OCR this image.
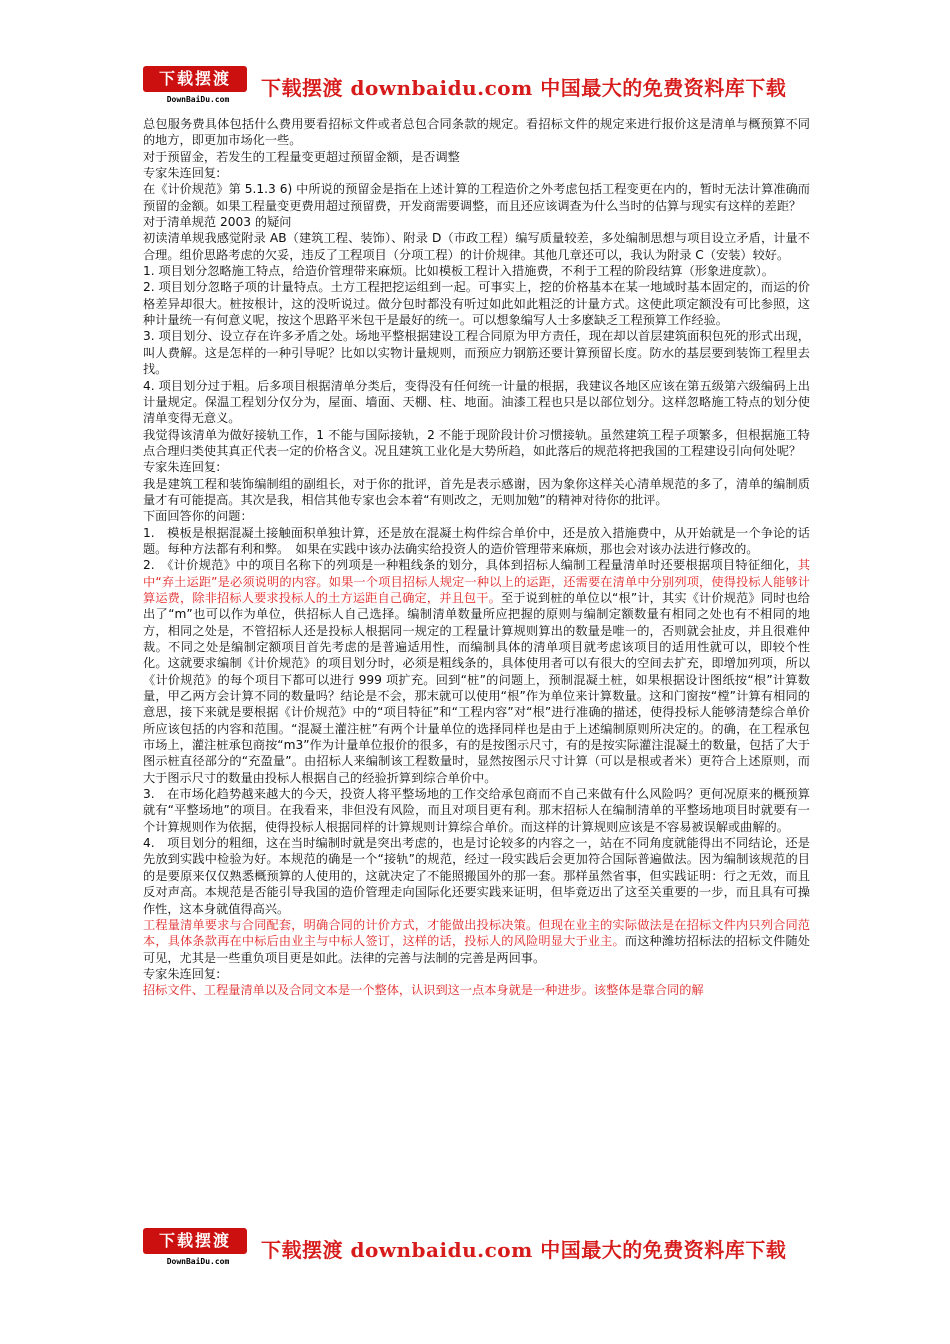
下载摆渡
DownBaiDu.com	下载摆渡 downbaidu.com 中国最大的免费资料库下载

总包服务费具体包括什么费用要看招标文件或者总包合同条款的规定。看招标文件的规定来进行报价这是清单与概预算不同的地方，即更加市场化一些。

对于预留金，若发生的工程量变更超过预留金额，是否调整

专家朱连回复:

在《计价规范》第 5.1.3 6) 中所说的预留金是指在上述计算的工程造价之外考虑包括工程变更在内的，暂时无法计算准确而预留的金额。如果工程量变更费用超过预留费，开发商需要调整，而且还应该调查为什么当时的估算与现实有这样的差距？

对于清单规范 2003 的疑问

初读清单规我感觉附录 AB（建筑工程、装饰）、附录 D（市政工程）编写质量较差，多处编制思想与项目设立矛盾，计量不合理。组价思路考虑的欠妥，违反了工程项目（分项工程）的计价规律。其他几章还可以，我认为附录 C（安装）较好。

1. 项目划分忽略施工特点，给造价管理带来麻烦。比如模板工程计入措施费，不利于工程的阶段结算（形象进度款）。

2. 项目划分忽略子项的计量特点。土方工程把挖运组到一起。可事实上，挖的价格基本在某一地域时基本固定的，而运的价格差异却很大。桩按根计，这的没听说过。做分包时都没有听过如此如此粗泛的计量方式。这使此项定额没有可比参照，这种计量统一有何意义呢，按这个思路平米包干是最好的统一。可以想象编写人士多麽缺乏工程预算工作经验。

3. 项目划分、设立存在许多矛盾之处。场地平整根据建设工程合同原为甲方责任，现在却以首层建筑面积包死的形式出现，叫人费解。这是怎样的一种引导呢？比如以实物计量规则，而预应力钢筋还要计算预留长度。防水的基层要到装饰工程里去找。

4. 项目划分过于粗。后多项目根据清单分类后，变得没有任何统一计量的根据，我建议各地区应该在第五级第六级编码上出计量规定。保温工程划分仅分为，屋面、墙面、天棚、柱、地面。油漆工程也只是以部位划分。这样忽略施工特点的划分使清单变得无意义。

我觉得该清单为做好接轨工作，1 不能与国际接轨，2 不能于现阶段计价习惯接轨。虽然建筑工程子项繁多，但根据施工特点合理归类使其真正代表一定的价格含义。况且建筑工业化是大势所趋，如此落后的规范将把我国的工程建设引向何处呢？

专家朱连回复:

我是建筑工程和装饰编制组的副组长，对于你的批评，首先是表示感谢，因为象你这样关心清单规范的多了，清单的编制质量才有可能提高。其次是我，相信其他专家也会本着“有则改之，无则加勉”的精神对待你的批评。

下面回答你的问题：

1.　模板是根据混凝土接触面积单独计算，还是放在混凝土构件综合单价中，还是放入措施费中，从开始就是一个争论的话题。每种方法都有利和弊。　如果在实践中该办法确实给投资人的造价管理带来麻烦，那也会对该办法进行修改的。

2.　《计价规范》中的项目名称下的列项是一种粗线条的划分，具体到招标人编制工程量清单时还要根据项目特征细化，其中“弃土运距”是必须说明的内容。如果一个项目招标人规定一种以上的运距，还需要在清单中分别列项，使得投标人能够计算运费，除非招标人要求投标人的土方运距自己确定，并且包干。至于说到桩的单位以“根”计，其实《计价规范》同时也给出了“m”也可以作为单位，供招标人自己选择。编制清单数量所应把握的原则与编制定额数量有相同之处也有不相同的地方，相同之处是，不管招标人还是投标人根据同一规定的工程量计算规则算出的数量是唯一的，否则就会扯皮，并且很难仲裁。不同之处是编制定额项目首先考虑的是普遍适用性，而编制具体的清单项目就考虑该项目的适用性就可以，即较个性化。这就要求编制《计价规范》的项目划分时，必须是粗线条的，具体使用者可以有很大的空间去扩充，即增加列项，所以《计价规范》的每个项目下都可以进行 999 项扩充。回到“桩”的问题上，预制混凝土桩，如果根据设计图纸按“根”计算数量，甲乙两方会计算不同的数量吗？结论是不会，那末就可以使用“根”作为单位来计算数量。这和门窗按“樘”计算有相同的意思，接下来就是要根据《计价规范》中的“项目特征”和“工程内容”对“根”进行准确的描述，使得投标人能够清楚综合单价所应该包括的内容和范围。“混凝土灌注桩”有两个计量单位的选择同样也是由于上述编制原则所决定的。的确，在工程承包市场上，灌注桩承包商按“m3”作为计量单位报价的很多，有的是按图示尺寸，有的是按实际灌注混凝土的数量，包括了大于图示桩直径部分的“充盈量”。由招标人来编制该工程数量时，显然按图示尺寸计算（可以是根或者米）更符合上述原则，而大于图示尺寸的数量由投标人根据自己的经验折算到综合单价中。

3.　在市场化趋势越来越大的今天，投资人将平整场地的工作交给承包商而不自己来做有什么风险吗？更何况原来的概预算就有“平整场地”的项目。在我看来，非但没有风险，而且对项目更有利。那末招标人在编制清单的平整场地项目时就要有一个计算规则作为依据，使得投标人根据同样的计算规则计算综合单价。而这样的计算规则应该是不容易被误解或曲解的。

4.　项目划分的粗细，这在当时编制时就是突出考虑的，也是讨论较多的内容之一，站在不同角度就能得出不同结论，还是先放到实践中检验为好。本规范的确是一个“接轨”的规范，经过一段实践后会更加符合国际普遍做法。因为编制该规范的目的是要原来仅仅熟悉概预算的人使用的，这就决定了不能照搬国外的那一套。那样虽然省事，但实践证明：行之无效，而且反对声高。本规范是否能引导我国的造价管理走向国际化还要实践来证明，但毕竟迈出了这至关重要的一步，而且具有可操作性，这本身就值得高兴。

工程量清单要求与合同配套，明确合同的计价方式，才能做出投标决策。但现在业主的实际做法是在招标文件内只列合同范本，具体条款再在中标后由业主与中标人签订，这样的话，投标人的风险明显大于业主。而这种潍坊招标法的招标文件随处可见，尤其是一些重负项目更是如此。法律的完善与法制的完善是两回事。

专家朱连回复:

招标文件、工程量清单以及合同文本是一个整体，认识到这一点本身就是一种进步。该整体是靠合同的解

下载摆渡
DownBaiDu.com	下载摆渡 downbaidu.com 中国最大的免费资料库下载
